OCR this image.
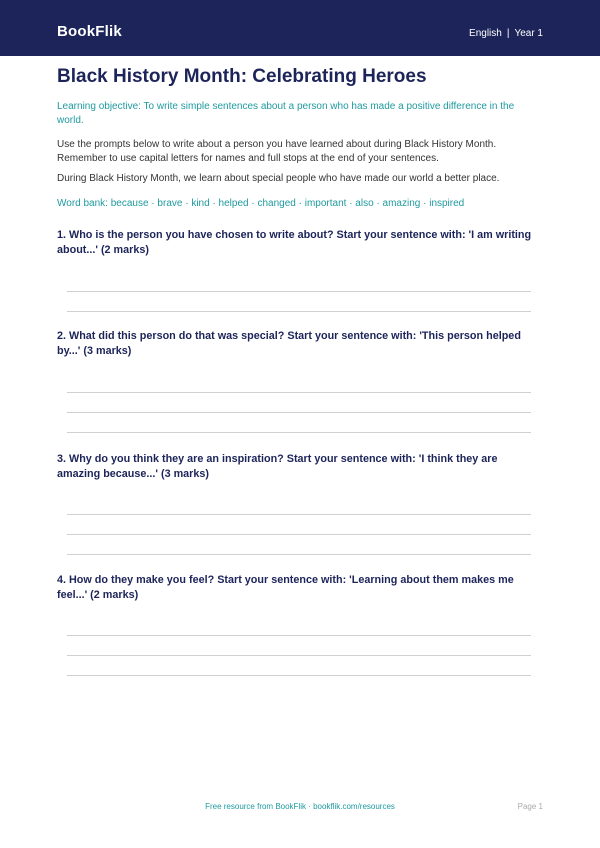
BookFlik	English | Year 1
Black History Month: Celebrating Heroes

Learning objective: To write simple sentences about a person who has made a positive difference in the world.

Use the prompts below to write about a person you have learned about during Black History Month. Remember to use capital letters for names and full stops at the end of your sentences.

During Black History Month, we learn about special people who have made our world a better place.

Word bank: because · brave · kind · helped · changed · important · also · amazing · inspired

1. Who is the person you have chosen to write about? Start your sentence with: 'I am writing about...' (2 marks)

2. What did this person do that was special? Start your sentence with: 'This person helped by...' (3 marks)

3. Why do you think they are an inspiration? Start your sentence with: 'I think they are amazing because...' (3 marks)

4. How do they make you feel? Start your sentence with: 'Learning about them makes me feel...' (2 marks)

Free resource from BookFlik · bookflik.com/resources	Page 1
